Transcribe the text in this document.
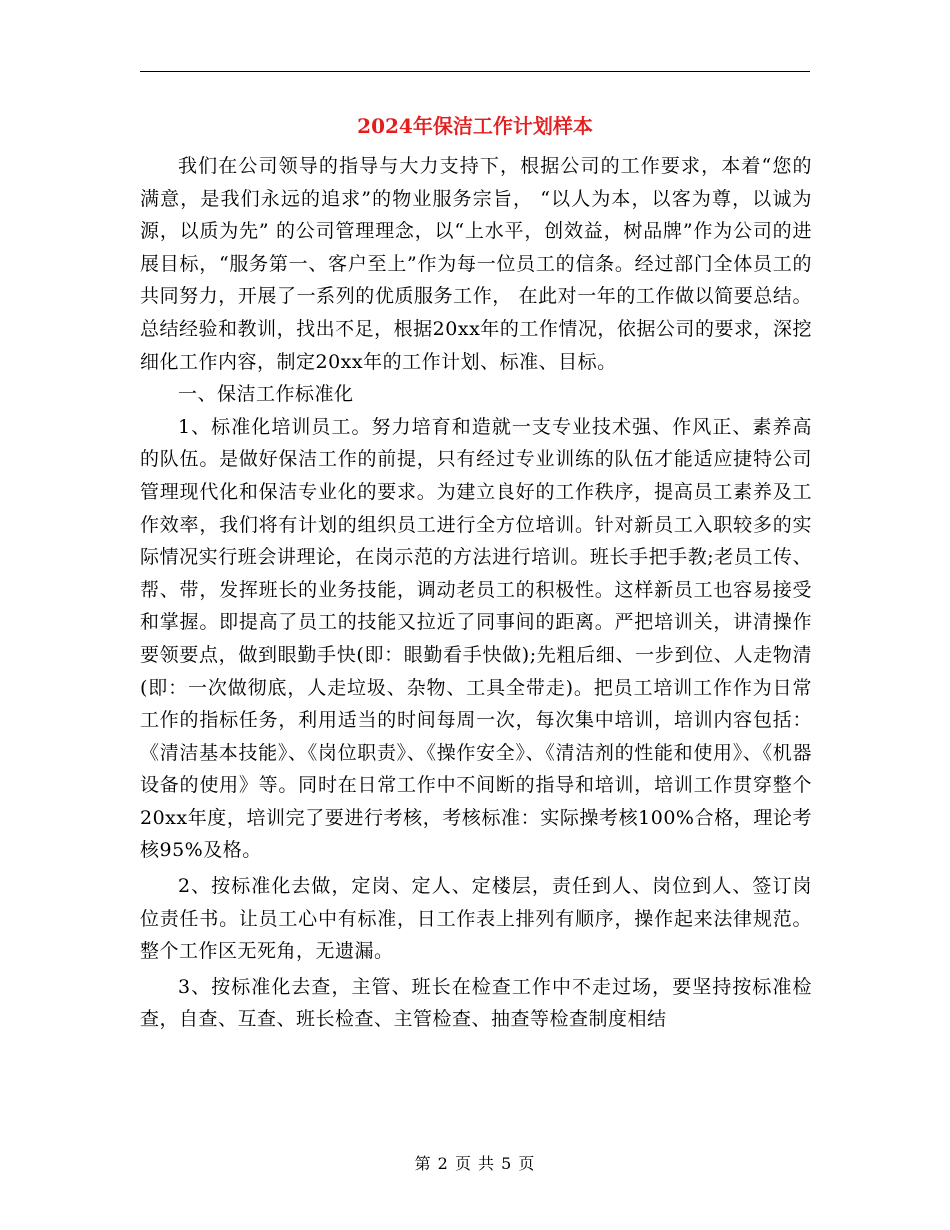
2024年保洁工作计划样本

我们在公司领导的指导与大力支持下，根据公司的工作要求，本着“您的满意，是我们永远的追求”的物业服务宗旨， “以人为本，以客为尊，以诚为源，以质为先” 的公司管理理念，以“上水平，创效益，树品牌”作为公司的进展目标，“服务第一、客户至上”作为每一位员工的信条。经过部门全体员工的共同努力，开展了一系列的优质服务工作， 在此对一年的工作做以简要总结。总结经验和教训，找出不足，根据20xx年的工作情况，依据公司的要求，深挖细化工作内容，制定20xx年的工作计划、标准、目标。

一、保洁工作标准化

1、标准化培训员工。努力培育和造就一支专业技术强、作风正、素养高的队伍。是做好保洁工作的前提，只有经过专业训练的队伍才能适应捷特公司管理现代化和保洁专业化的要求。为建立良好的工作秩序，提高员工素养及工作效率，我们将有计划的组织员工进行全方位培训。针对新员工入职较多的实际情况实行班会讲理论，在岗示范的方法进行培训。班长手把手教;老员工传、帮、带，发挥班长的业务技能，调动老员工的积极性。这样新员工也容易接受和掌握。即提高了员工的技能又拉近了同事间的距离。严把培训关，讲清操作要领要点，做到眼勤手快(即：眼勤看手快做);先粗后细、一步到位、人走物清(即：一次做彻底，人走垃圾、杂物、工具全带走)。把员工培训工作作为日常工作的指标任务，利用适当的时间每周一次，每次集中培训，培训内容包括：《清洁基本技能》、《岗位职责》、《操作安全》、《清洁剂的性能和使用》、《机器设备的使用》等。同时在日常工作中不间断的指导和培训，培训工作贯穿整个20xx年度，培训完了要进行考核，考核标准：实际操考核100%合格，理论考核95%及格。

2、按标准化去做，定岗、定人、定楼层，责任到人、岗位到人、签订岗位责任书。让员工心中有标准，日工作表上排列有顺序，操作起来法律规范。整个工作区无死角，无遗漏。

3、按标准化去查，主管、班长在检查工作中不走过场，要坚持按标准检查，自查、互查、班长检查、主管检查、抽查等检查制度相结

第 2 页 共 5 页
